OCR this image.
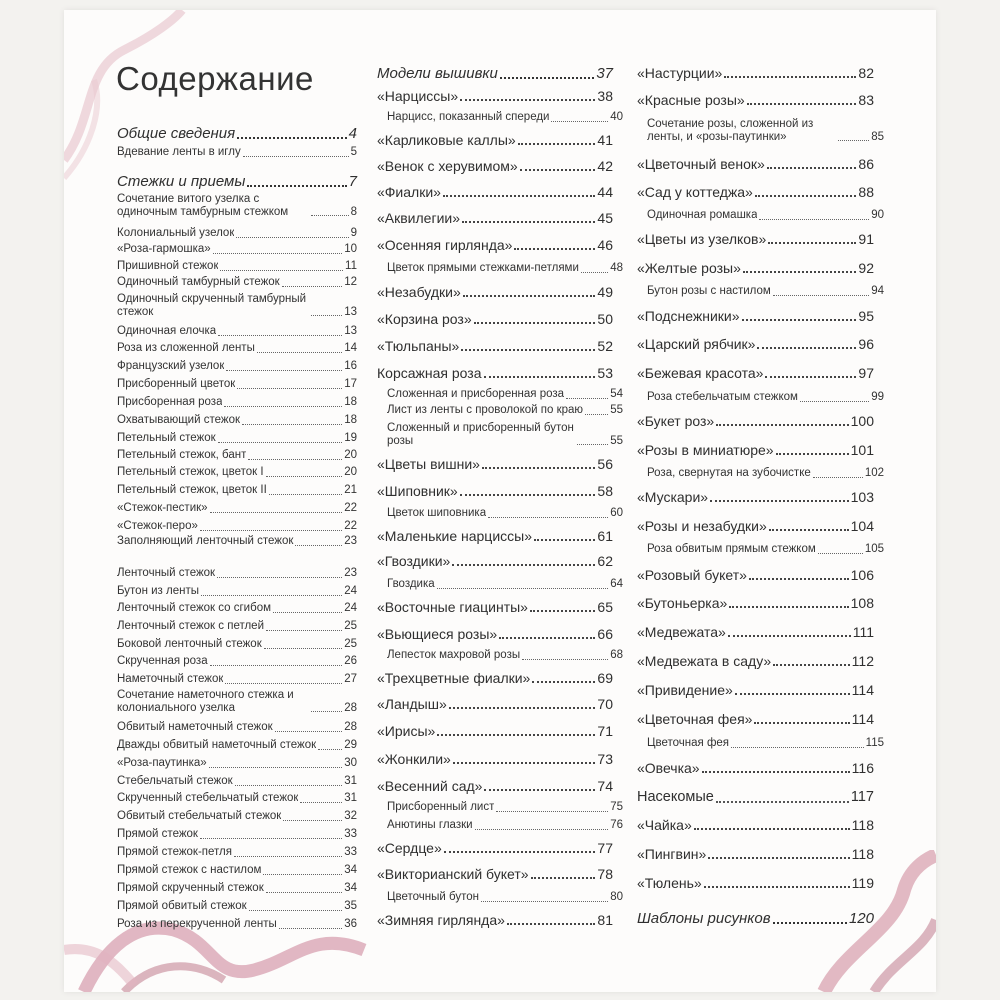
Содержание
Общие сведения	4
Вдевание ленты в иглу	5
Стежки и приемы	7
Сочетание витого узелка с одиночным тамбурным стежком	8
Колониальный узелок	9
«Роза-гармошка»	10
Пришивной стежок	11
Одиночный тамбурный стежок	12
Одиночный скрученный тамбурный стежок	13
Одиночная елочка	13
Роза из сложенной ленты	14
Французский узелок	16
Присборенный цветок	17
Присборенная роза	18
Охватывающий стежок	18
Петельный стежок	19
Петельный стежок, бант	20
Петельный стежок, цветок I	20
Петельный стежок, цветок II	21
«Стежок-пестик»	22
«Стежок-перо»	22
Заполняющий ленточный стежок	23
Ленточный стежок	23
Бутон из ленты	24
Ленточный стежок со сгибом	24
Ленточный стежок с петлей	25
Боковой ленточный стежок	25
Скрученная роза	26
Наметочный стежок	27
Сочетание наметочного стежка и колониального узелка	28
Обвитый наметочный стежок	28
Дважды обвитый наметочный стежок 29
«Роза-паутинка»	30
Стебельчатый стежок	31
Скрученный стебельчатый стежок	31
Обвитый стебельчатый стежок	32
Прямой стежок	33
Прямой стежок-петля	33
Прямой стежок с настилом	34
Прямой скрученный стежок	34
Прямой обвитый стежок	35
Роза из перекрученной ленты	36
Модели вышивки	37
«Нарциссы»	38
Нарцисс, показанный спереди	40
«Карликовые каллы»	41
«Венок с херувимом»	42
«Фиалки»	44
«Аквилегии»	45
«Осенняя гирлянда»	46
Цветок прямыми стежками-петлями	48
«Незабудки»	49
«Корзина роз»	50
«Тюльпаны»	52
Корсажная роза	53
Сложенная и присборенная роза	54
Лист из ленты с проволокой по краю 55
Сложенный и присборенный бутон розы	55
«Цветы вишни»	56
«Шиповник»	58
Цветок шиповника	60
«Маленькие нарциссы»	61
«Гвоздики»	62
Гвоздика	64
«Восточные гиацинты»	65
«Вьющиеся розы»	66
Лепесток махровой розы	68
«Трехцветные фиалки»	69
«Ландыш»	70
«Ирисы»	71
«Жонкили»	73
«Весенний сад»	74
Присборенный лист	75
Анютины глазки	76
«Сердце»	77
«Викторианский букет»	78
Цветочный бутон	80
«Зимняя гирлянда»	81
«Настурции»	82
«Красные розы»	83
Сочетание розы, сложенной из ленты, и «розы-паутинки»	85
«Цветочный венок»	86
«Сад у коттеджа»	88
Одиночная ромашка	90
«Цветы из узелков»	91
«Желтые розы»	92
Бутон розы с настилом	94
«Подснежники»	95
«Царский рябчик»	96
«Бежевая красота»	97
Роза стебельчатым стежком	99
«Букет роз»	100
«Розы в миниатюре»	101
Роза, свернутая на зубочистке	102
«Мускари»	103
«Розы и незабудки»	104
Роза обвитым прямым стежком	105
«Розовый букет»	106
«Бутоньерка»	108
«Медвежата»	111
«Медвежата в саду»	112
«Привидение»	114
«Цветочная фея»	114
Цветочная фея	115
«Овечка»	116
Насекомые	117
«Чайка»	118
«Пингвин»	118
«Тюлень»	119
Шаблоны рисунков	120
